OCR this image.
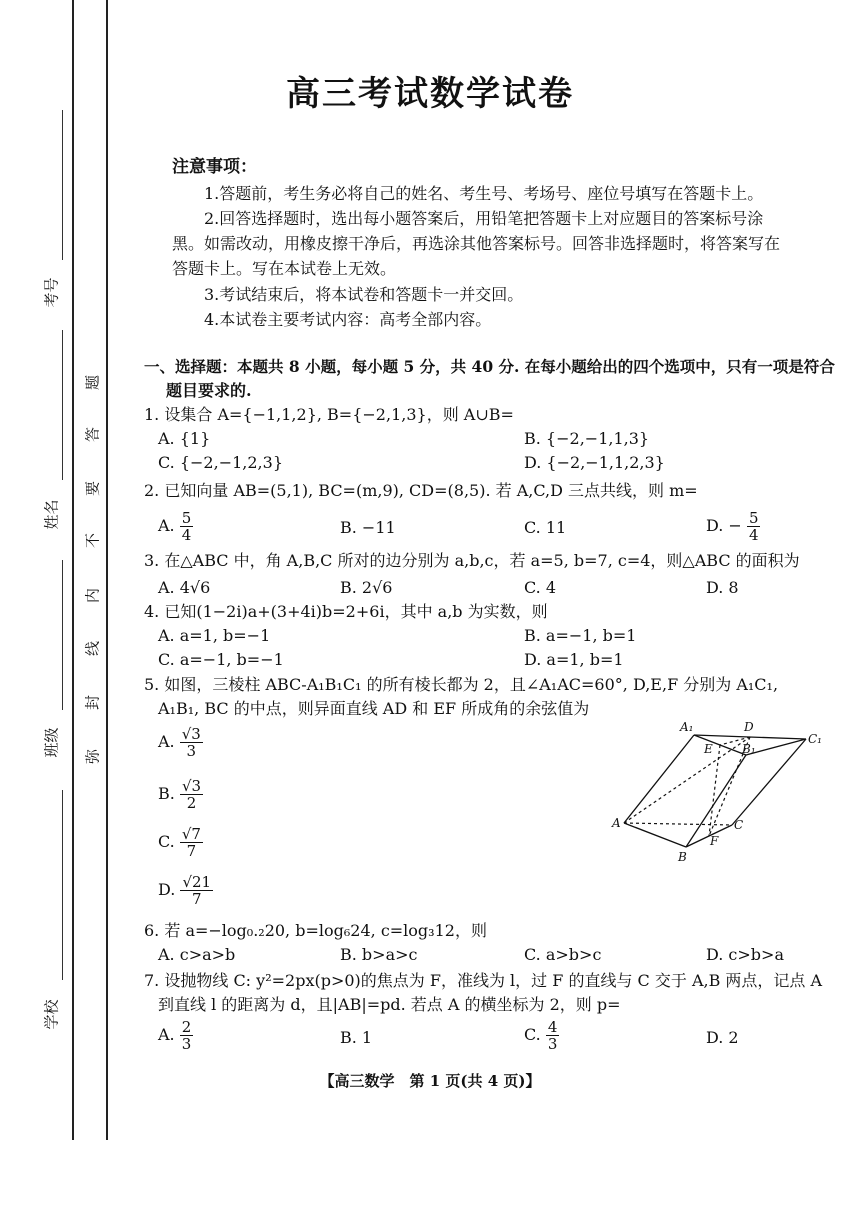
考号
姓名
班级
学校
题
答
要
不
内
线
封
弥
高三考试数学试卷
注意事项：
1.答题前，考生务必将自己的姓名、考生号、考场号、座位号填写在答题卡上。
2.回答选择题时，选出每小题答案后，用铅笔把答题卡上对应题目的答案标号涂
黑。如需改动，用橡皮擦干净后，再选涂其他答案标号。回答非选择题时，将答案写在
答题卡上。写在本试卷上无效。
3.考试结束后，将本试卷和答题卡一并交回。
4.本试卷主要考试内容：高考全部内容。
一、选择题：本题共 8 小题，每小题 5 分，共 40 分. 在每小题给出的四个选项中，只有一项是符合
题目要求的.
1. 设集合 A={−1,1,2}, B={−2,1,3}，则 A∪B=
A. {1}	B. {−2,−1,1,3}
C. {−2,−1,2,3}	D. {−2,−1,1,2,3}
2. 已知向量 AB=(5,1), BC=(m,9), CD=(8,5). 若 A,C,D 三点共线，则 m=
A. $\frac{5}{4}$	B. −11	C. 11	D. − $\frac{5}{4}$
3. 在△ABC 中，角 A,B,C 所对的边分别为 a,b,c，若 a=5, b=7, c=4，则△ABC 的面积为
A. 4√6	B. 2√6	C. 4	D. 8
4. 已知(1−2i)a+(3+4i)b=2+6i，其中 a,b 为实数，则
A. a=1, b=−1	B. a=−1, b=1
C. a=−1, b=−1	D. a=1, b=1
5. 如图，三棱柱 ABC-A₁B₁C₁ 的所有棱长都为 2，且∠A₁AC=60°, D,E,F 分别为 A₁C₁,
A₁B₁, BC 的中点，则异面直线 AD 和 EF 所成角的余弦值为
A. $\frac{√3}{3}$
B. $\frac{√3}{2}$
C. $\frac{√7}{7}$
D. $\frac{√21}{7}$
A₁	D
E B₁
C₁
A	C
B
F
6. 若 a=−log₀.₂20, b=log₆24, c=log₃12，则
A. c>a>b	B. b>a>c	C. a>b>c	D. c>b>a
7. 设抛物线 C: y²=2px(p>0)的焦点为 F，准线为 l，过 F 的直线与 C 交于 A,B 两点，记点 A
到直线 l 的距离为 d，且|AB|=pd. 若点 A 的横坐标为 2，则 p=
A. $\frac{2}{3}$	B. 1	C. $\frac{4}{3}$	D. 2
【高三数学　第 1 页(共 4 页)】
